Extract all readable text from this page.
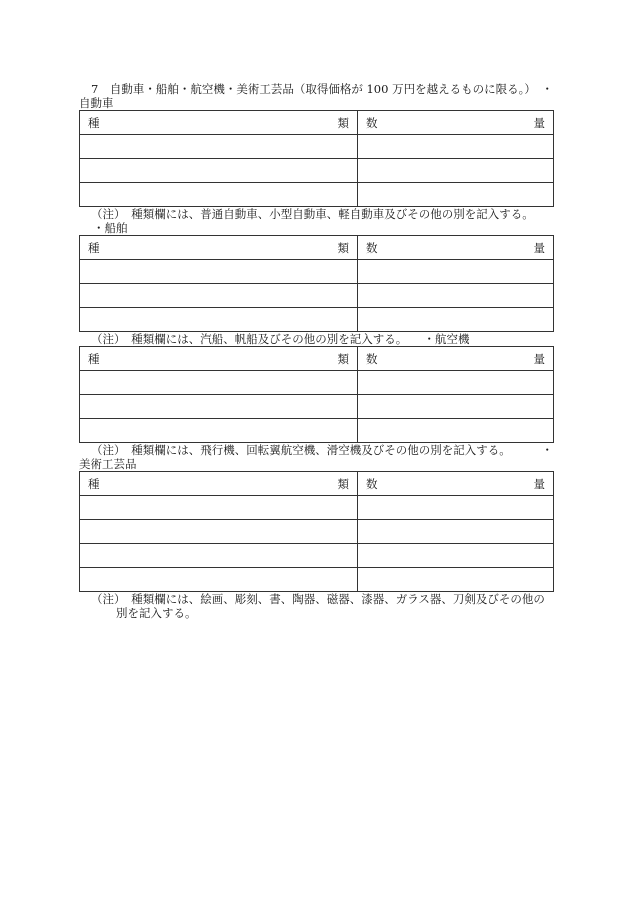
7　自動車・船舶・航空機・美術工芸品（取得価格が 100 万円を越えるものに限る。） ・
自動車
種 類	数 量

（注）　種類欄には、普通自動車、小型自動車、軽自動車及びその他の別を記入する。
・船舶
種 類	数 量

（注）　種類欄には、汽船、帆船及びその他の別を記入する。 ・航空機
種 類	数 量

（注）　種類欄には、飛行機、回転翼航空機、滑空機及びその他の別を記入する。	・
美術工芸品
種 類	数 量

（注）　種類欄には、絵画、彫刻、書、陶器、磁器、漆器、ガラス器、刀剣及びその他の
別を記入する。
